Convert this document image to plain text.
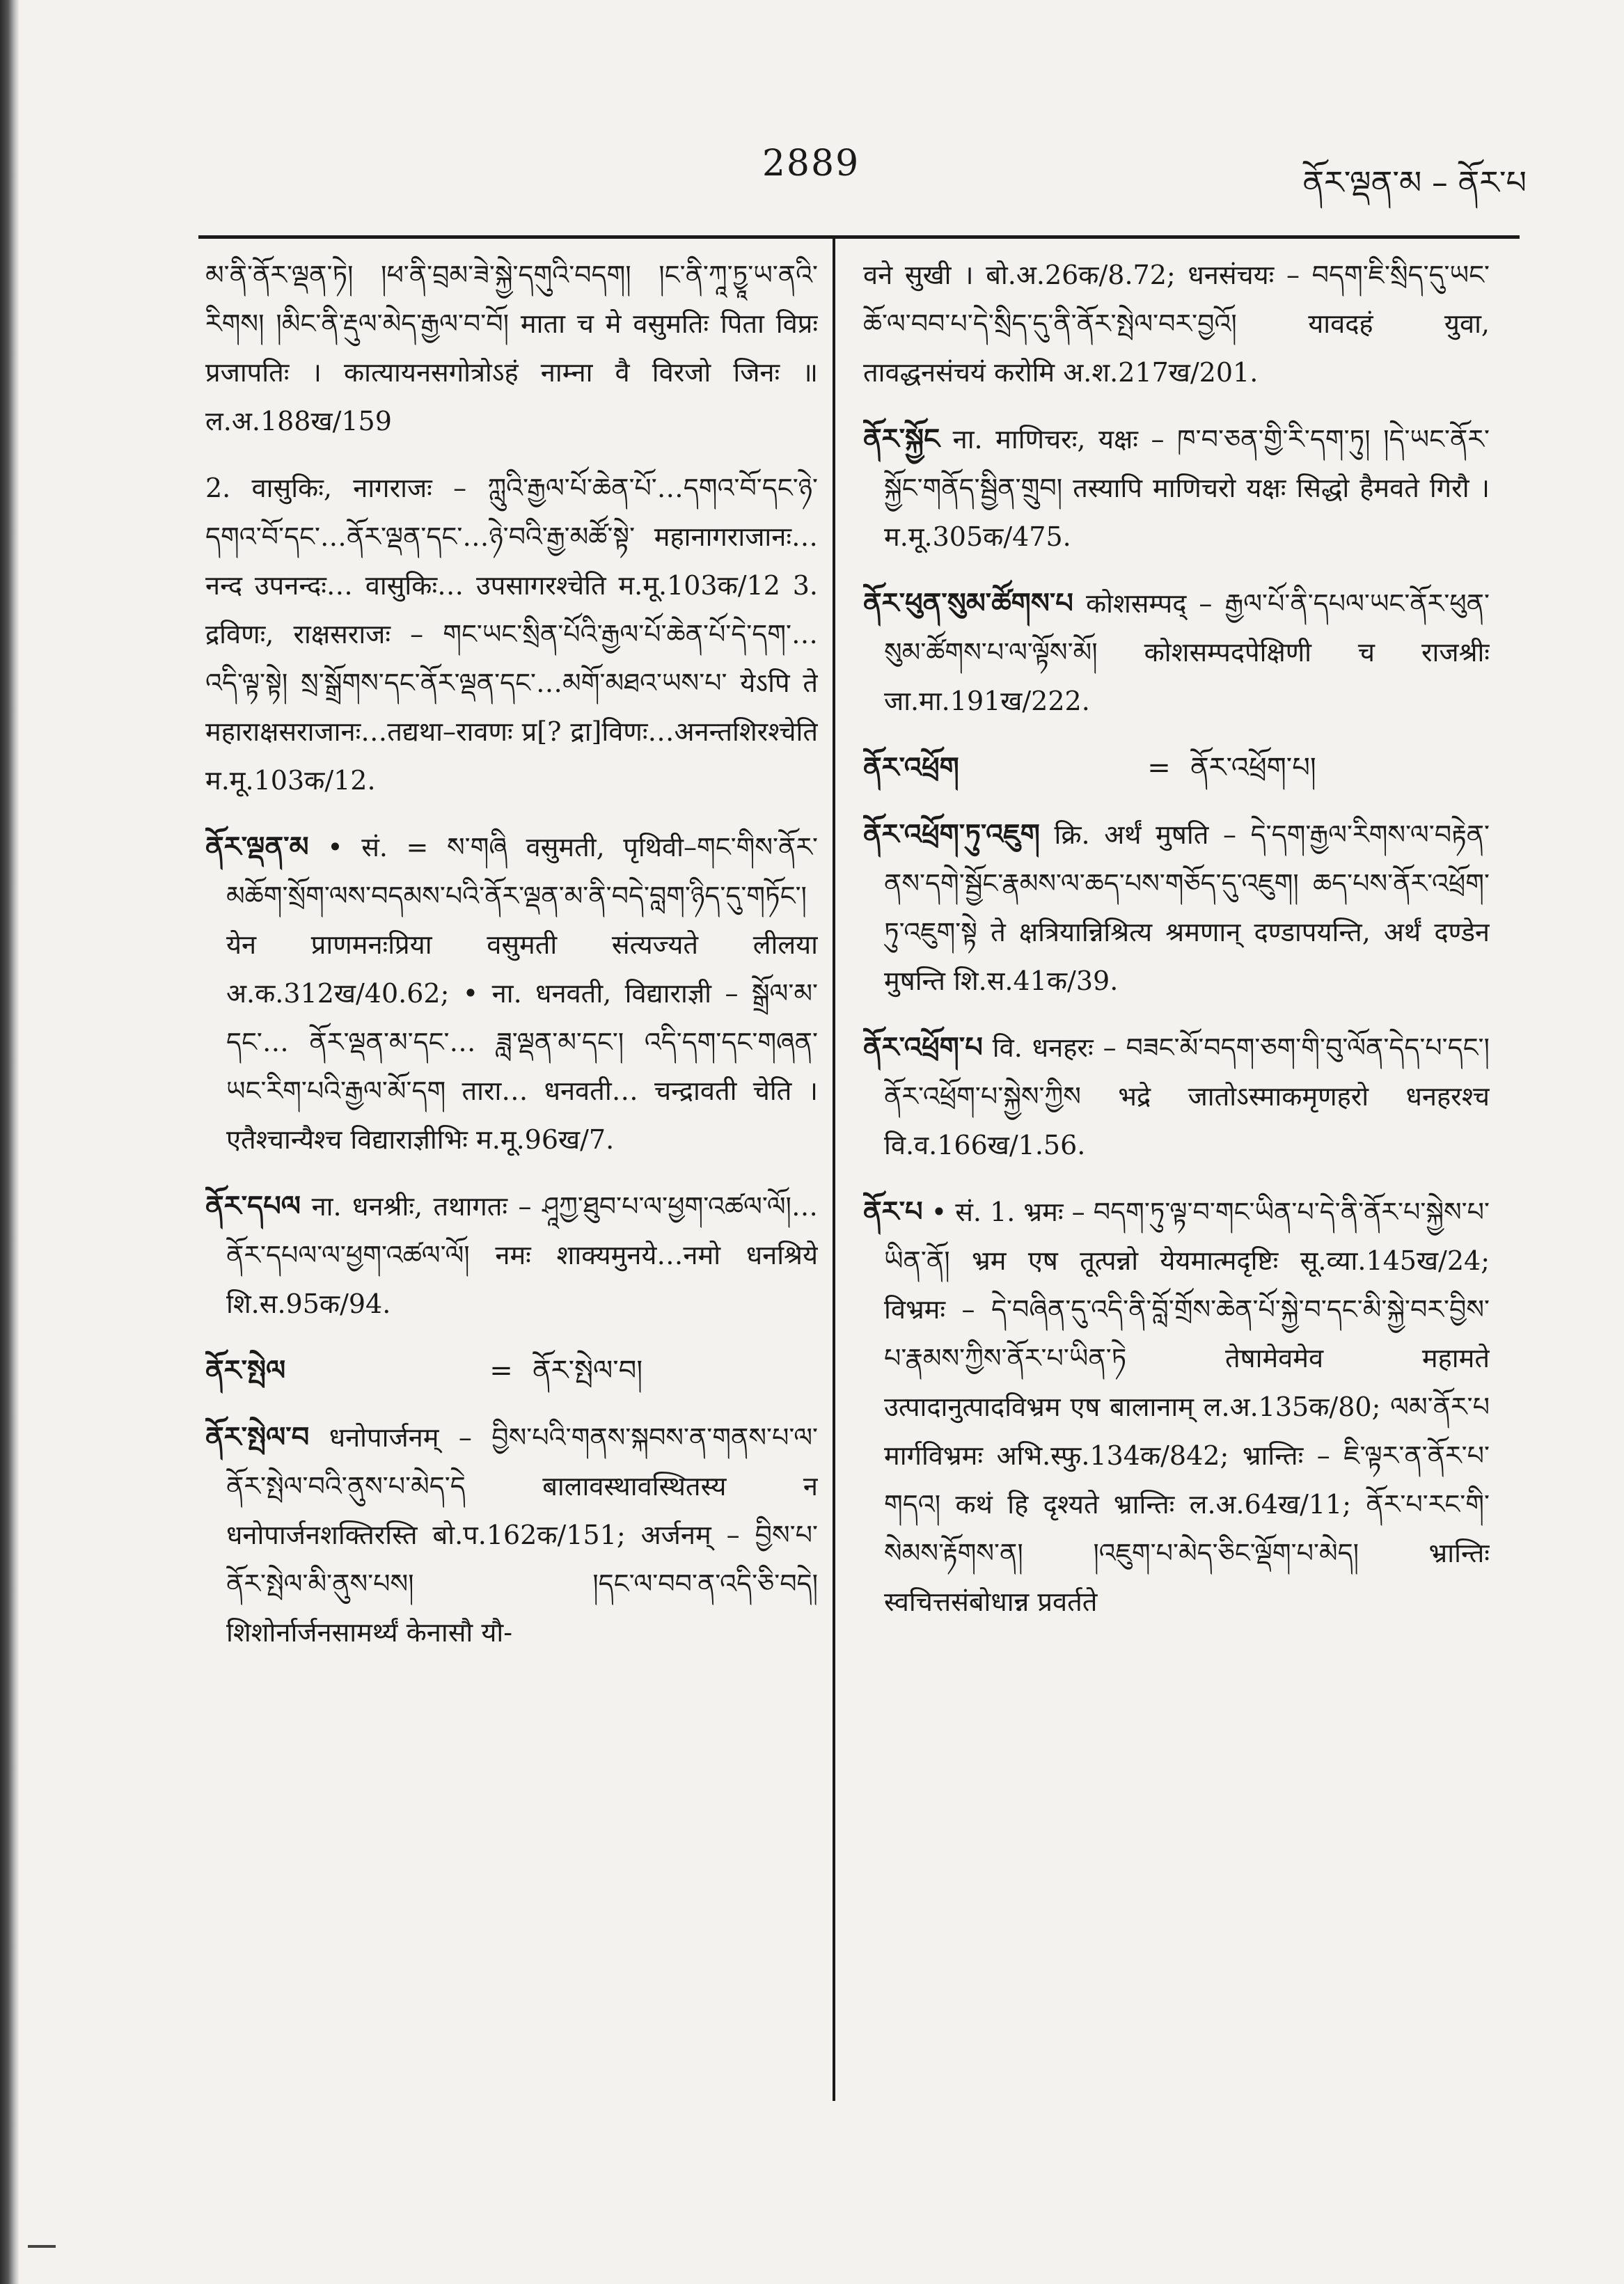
2889	ནོར་ལྡན་མ – ནོར་པ

མ་ནི་ནོར་ལྡན་ཏེ། །ཕ་ནི་བྲམ་ཟེ་སྐྱེ་དགུའི་བདག། །ང་ནི་ཀཱ་ཏྱཱ་ཡ་ནའི་རིགས། །མིང་ནི་རྡུལ་མེད་རྒྱལ་བ་བོ། माता च मे वसुमतिः पिता विप्रः प्रजापतिः । कात्यायनसगोत्रोऽहं नाम्ना वै विरजो जिनः ॥ ल.अ.188ख/159

2. वासुकिः, नागराजः – ཀླུའི་རྒྱལ་པོ་ཆེན་པོ་…དགའ་བོ་དང་ཉེ་དགའ་བོ་དང་…ནོར་ལྡན་དང་…ཉེ་བའི་རྒྱ་མཚོ་སྟེ་ महानागराजानः… नन्द उपनन्दः… वासुकिः… उपसागरश्चेति म.मू.103क/12 3. द्रविणः, राक्षसराजः – གང་ཡང་སྲིན་པོའི་རྒྱལ་པོ་ཆེན་པོ་དེ་དག་…འདི་ལྟ་སྟེ། སྲ་སྒྲོགས་དང་ནོར་ལྡན་དང་…མགོ་མཐའ་ཡས་པ་ येऽपि ते महाराक्षसराजानः…तद्यथा–रावणः प्र[? द्रा]विणः…अनन्तशिरश्चेति म.मू.103क/12.

ནོར་ལྡན་མ • सं. = ས་གཞི वसुमती, पृथिवी–གང་གིས་ནོར་མཆོག་སྲོག་ལས་བདམས་པའི་ནོར་ལྡན་མ་ནི་བདེ་བླག་ཉིད་དུ་གཏོང་། येन प्राणमनःप्रिया वसुमती संत्यज्यते लीलया अ.क.312ख/40.62; • ना. धनवती, विद्याराज्ञी – སྒྲོལ་མ་དང་… ནོར་ལྡན་མ་དང་… ཟླ་ལྡན་མ་དང་། འདི་དག་དང་གཞན་ཡང་རིག་པའི་རྒྱལ་མོ་དག तारा… धनवती… चन्द्रावती चेति । एतैश्चान्यैश्च विद्याराज्ञीभिः म.मू.96ख/7.

ནོར་དཔལ ना. धनश्रीः, तथागतः – ཤཱཀྱ་ཐུབ་པ་ལ་ཕྱག་འཚལ་ལོ།… ནོར་དཔལ་ལ་ཕྱག་འཚལ་ལོ། नमः शाक्यमुनये…नमो धनश्रिये शि.स.95क/94.

ནོར་སྤེལ	= ནོར་སྤེལ་བ།

ནོར་སྤེལ་བ धनोपार्जनम् – བྱིས་པའི་གནས་སྐབས་ན་གནས་པ་ལ་ནོར་སྤེལ་བའི་ནུས་པ་མེད་དེ बालावस्थावस्थितस्य न धनोपार्जनशक्तिरस्ति बो.प.162क/151; अर्जनम् – བྱིས་པ་ནོར་སྤེལ་མི་ནུས་པས། །དང་ལ་བབ་ན་འདི་ཅི་བདེ། शिशोर्नार्जनसामर्थ्यं केनासौ यौ-

वने सुखी । बो.अ.26क/8.72; धनसंचयः – བདག་ཇི་སྲིད་དུ་ཡང་ཆོ་ལ་བབ་པ་དེ་སྲིད་དུ་ནི་ནོར་སྤེལ་བར་བྱའོ། यावदहं युवा, तावद्धनसंचयं करोमि अ.श.217ख/201.

ནོར་སྐྱོང ना. माणिचरः, यक्षः – ཁ་བ་ཅན་གྱི་རི་དག་ཏུ། །དེ་ཡང་ནོར་སྐྱོང་གནོད་སྦྱིན་གྲུབ། तस्यापि माणिचरो यक्षः सिद्धो हैमवते गिरौ । म.मू.305क/475.

ནོར་ཕུན་སུམ་ཚོགས་པ कोशसम्पद् – རྒྱལ་པོ་ནི་དཔལ་ཡང་ནོར་ཕུན་སུམ་ཚོགས་པ་ལ་ལྟོས་མོ། कोशसम्पदपेक्षिणी च राजश्रीः जा.मा.191ख/222.

ནོར་འཕྲོག	= ནོར་འཕྲོག་པ།

ནོར་འཕྲོག་ཏུ་འཇུག क्रि. अर्थं मुषति – དེ་དག་རྒྱལ་རིགས་ལ་བརྟེན་ནས་དགེ་སྦྱོང་རྣམས་ལ་ཆད་པས་གཅོད་དུ་འཇུག། ཆད་པས་ནོར་འཕྲོག་ཏུ་འཇུག་སྟེ ते क्षत्रियान्निश्रित्य श्रमणान् दण्डापयन्ति, अर्थं दण्डेन मुषन्ति शि.स.41क/39.

ནོར་འཕྲོག་པ वि. धनहरः – བཟང་མོ་བདག་ཅག་གི་བུ་ལོན་དེད་པ་དང་། ནོར་འཕྲོག་པ་སྐྱེས་ཀྱིས भद्रे जातोऽस्माकमृणहरो धनहरश्च वि.व.166ख/1.56.

ནོར་པ • सं. 1. भ्रमः – བདག་ཏུ་ལྟ་བ་གང་ཡིན་པ་དེ་ནི་ནོར་པ་སྐྱེས་པ་ཡིན་ནོ། भ्रम एष तूत्पन्नो येयमात्मदृष्टिः सू.व्या.145ख/24; विभ्रमः – དེ་བཞིན་དུ་འདི་ནི་བློ་གྲོས་ཆེན་པོ་སྐྱེ་བ་དང་མི་སྐྱེ་བར་བྱིས་པ་རྣམས་ཀྱིས་ནོར་པ་ཡིན་ཏེ तेषामेवमेव महामते उत्पादानुत्पादविभ्रम एष बालानाम् ल.अ.135क/80; ལམ་ནོར་པ मार्गविभ्रमः अभि.स्फु.134क/842; भ्रान्तिः – ཇི་ལྟར་ན་ནོར་པ་གདའ། कथं हि दृश्यते भ्रान्तिः ल.अ.64ख/11; ནོར་པ་རང་གི་སེམས་རྟོགས་ན། །འཇུག་པ་མེད་ཅིང་ལྡོག་པ་མེད། भ्रान्तिः स्वचित्तसंबोधान्न प्रवर्तते
